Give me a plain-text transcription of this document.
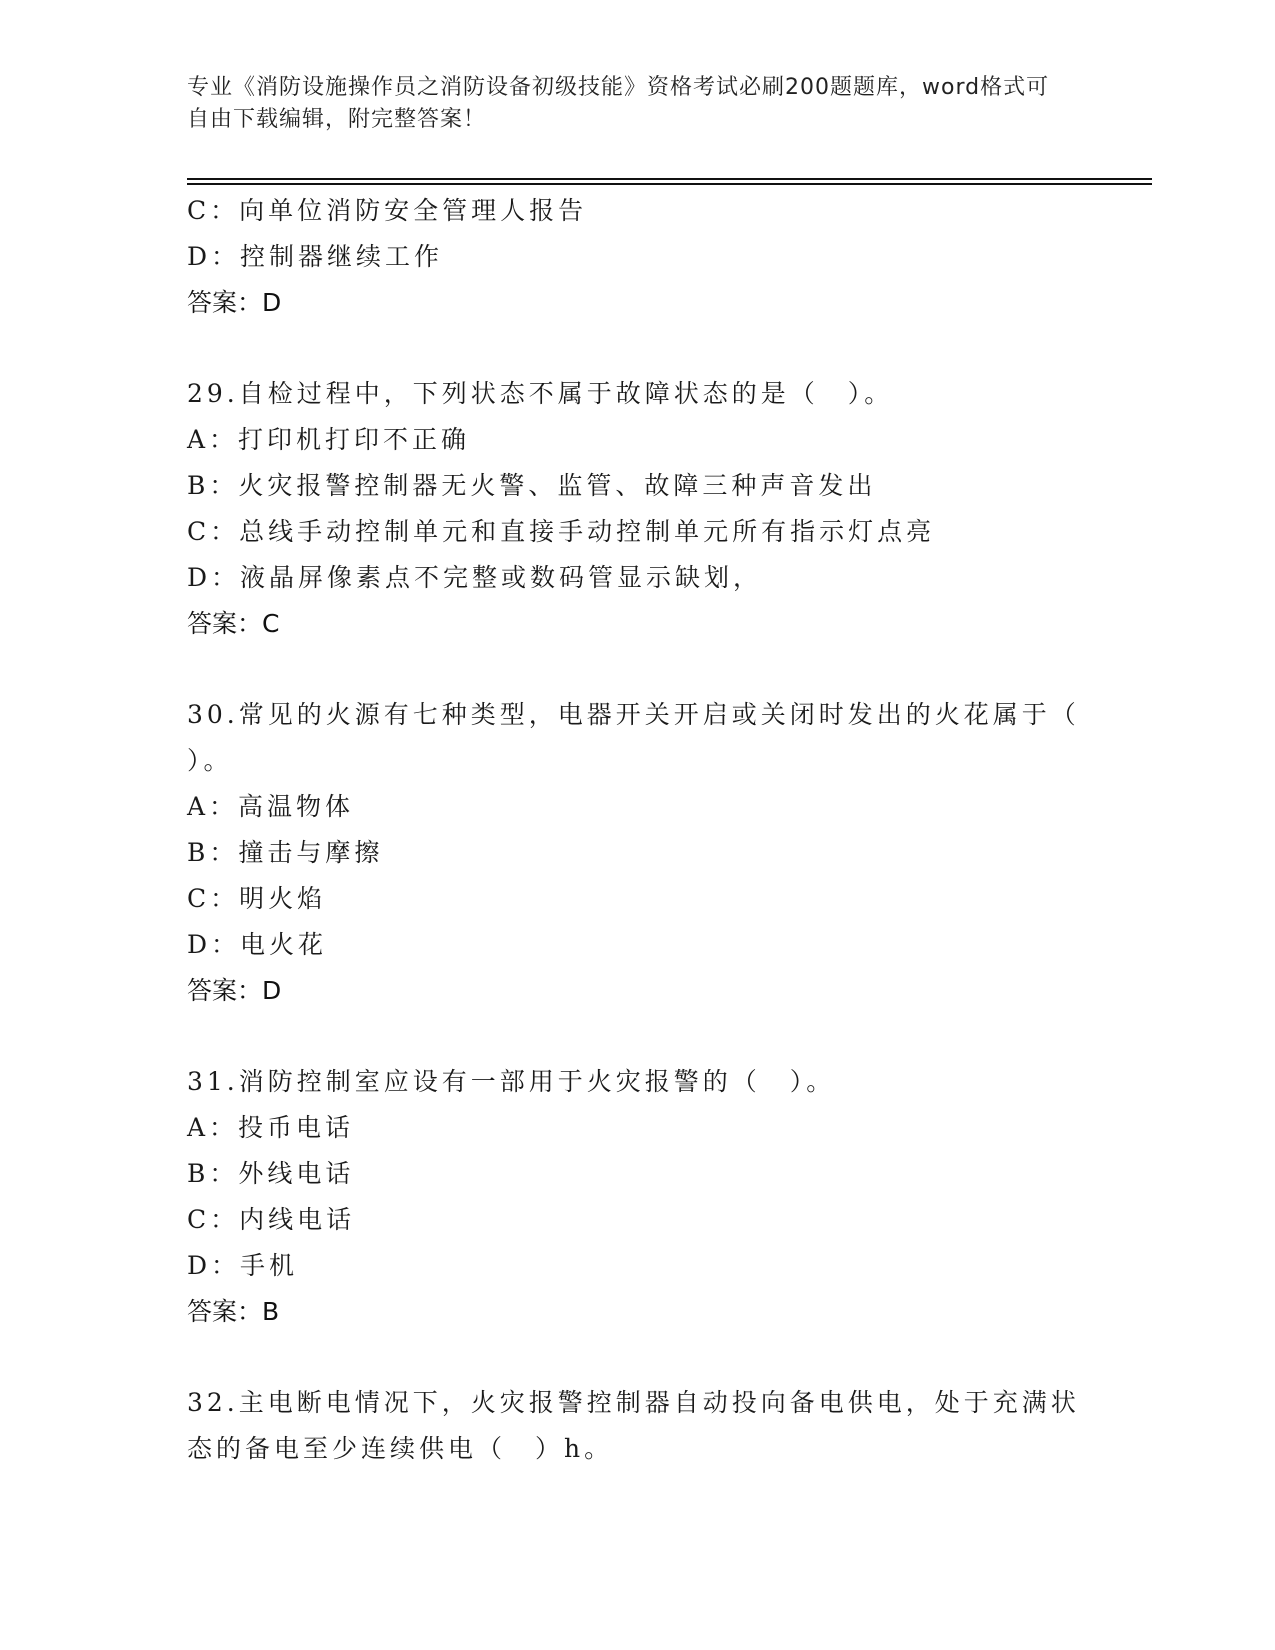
专业《消防设施操作员之消防设备初级技能》资格考试必刷200题题库，word格式可自由下载编辑，附完整答案！
C：向单位消防安全管理人报告
D：控制器继续工作
答案：D
29.自检过程中，下列状态不属于故障状态的是（　）。
A：打印机打印不正确
B：火灾报警控制器无火警、监管、故障三种声音发出
C：总线手动控制单元和直接手动控制单元所有指示灯点亮
D：液晶屏像素点不完整或数码管显示缺划，
答案：C
30.常见的火源有七种类型，电器开关开启或关闭时发出的火花属于（
）。
A：高温物体
B：撞击与摩擦
C：明火焰
D：电火花
答案：D
31.消防控制室应设有一部用于火灾报警的（　）。
A：投币电话
B：外线电话
C：内线电话
D：手机
答案：B
32.主电断电情况下，火灾报警控制器自动投向备电供电，处于充满状
态的备电至少连续供电（　）h。
